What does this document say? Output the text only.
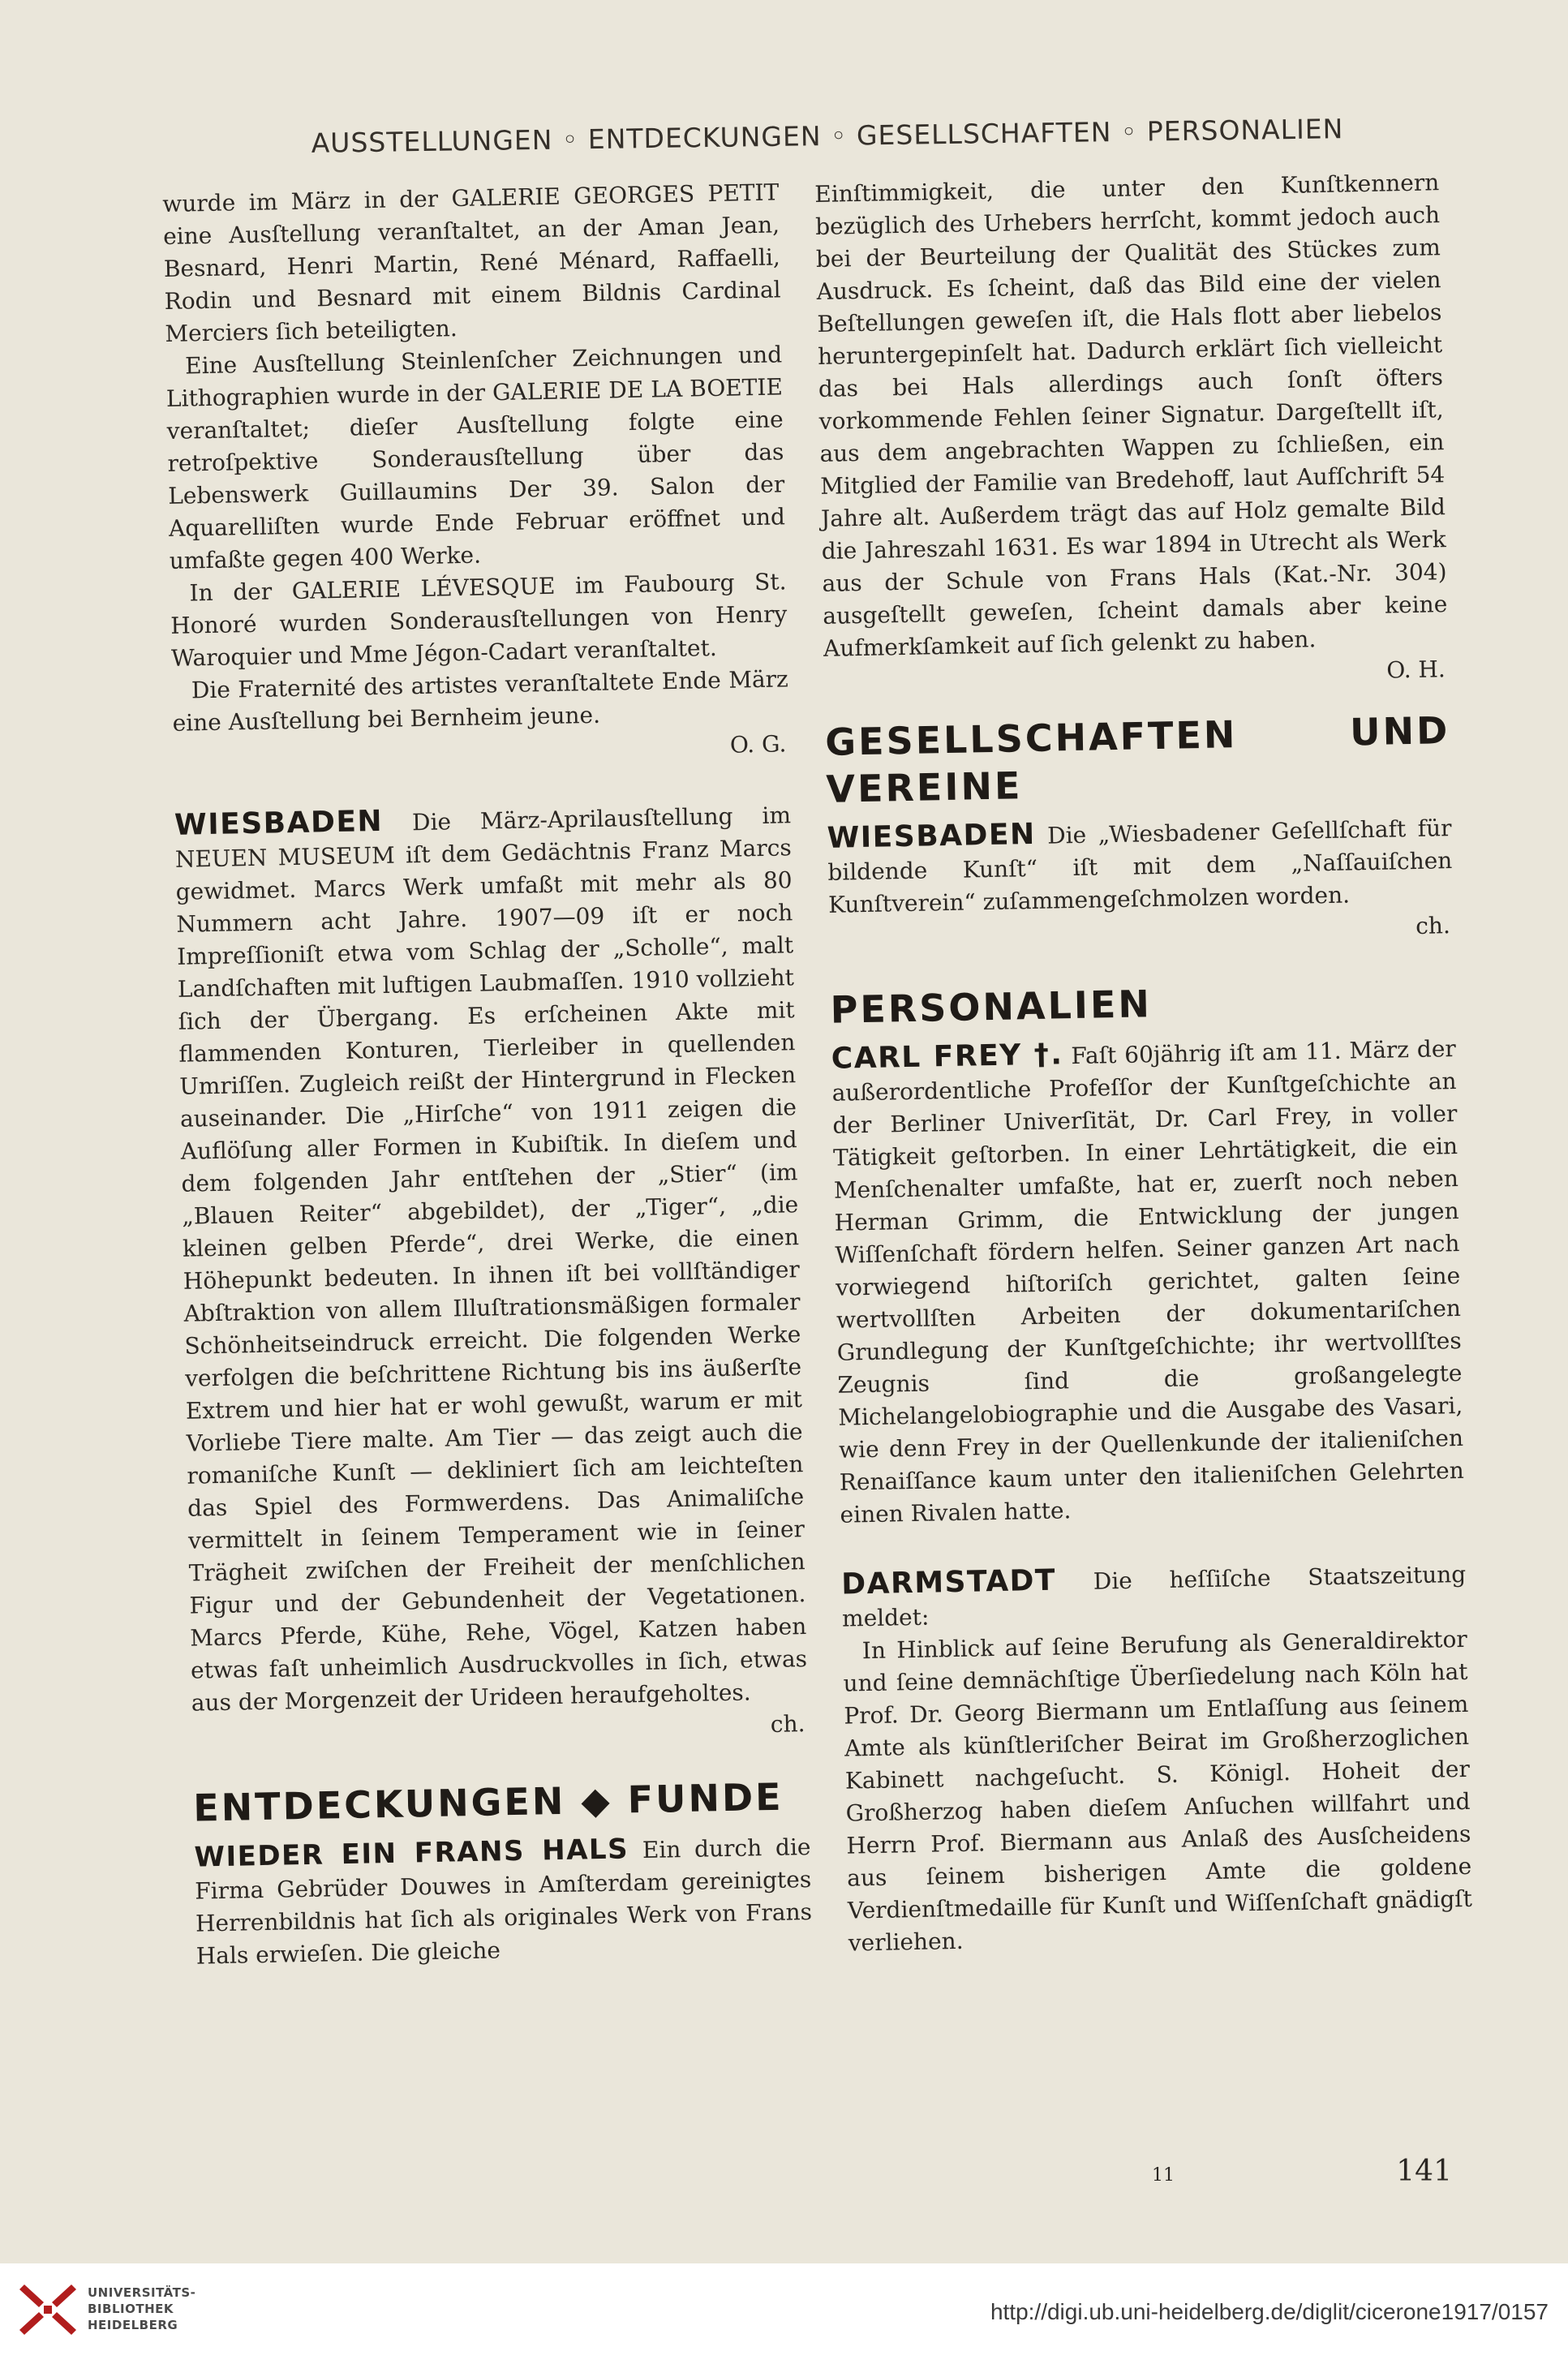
AUSSTELLUNGEN ◦ ENTDECKUNGEN ◦ GESELLSCHAFTEN ◦ PERSONALIEN

wurde im März in der GALERIE GEORGES PETIT eine Ausſtellung veranſtaltet, an der Aman Jean, Besnard, Henri Martin, René Ménard, Raffaelli, Rodin und Besnard mit einem Bildnis Cardinal Merciers ſich beteiligten.

Eine Ausſtellung Steinlenſcher Zeichnungen und Lithographien wurde in der GALERIE DE LA BOETIE veranſtaltet; dieſer Ausſtellung folgte eine retroſpektive Sonderausſtellung über das Lebenswerk Guillaumins Der 39. Salon der Aquarelliſten wurde Ende Februar eröffnet und umfaßte gegen 400 Werke.

In der GALERIE LÉVESQUE im Faubourg St. Honoré wurden Sonderausſtellungen von Henry Waroquier und Mme Jégon-Cadart veranſtaltet.

Die Fraternité des artistes veranſtaltete Ende März eine Ausſtellung bei Bernheim jeune.

O. G.

WIESBADEN Die März-Aprilausſtellung im NEUEN MUSEUM iſt dem Gedächtnis Franz Marcs gewidmet. Marcs Werk umfaßt mit mehr als 80 Nummern acht Jahre. 1907—09 iſt er noch Impreſſioniſt etwa vom Schlag der „Scholle“, malt Landſchaften mit luftigen Laubmaſſen. 1910 vollzieht ſich der Übergang. Es erſcheinen Akte mit flammenden Konturen, Tierleiber in quellenden Umriſſen. Zugleich reißt der Hintergrund in Flecken auseinander. Die „Hirſche“ von 1911 zeigen die Auflöſung aller Formen in Kubiſtik. In dieſem und dem folgenden Jahr entſtehen der „Stier“ (im „Blauen Reiter“ abgebildet), der „Tiger“, „die kleinen gelben Pferde“, drei Werke, die einen Höhepunkt bedeuten. In ihnen iſt bei vollſtändiger Abſtraktion von allem Illuſtrationsmäßigen formaler Schönheitseindruck erreicht. Die folgenden Werke verfolgen die beſchrittene Richtung bis ins äußerſte Extrem und hier hat er wohl gewußt, warum er mit Vorliebe Tiere malte. Am Tier — das zeigt auch die romaniſche Kunſt — dekliniert ſich am leichteſten das Spiel des Formwerdens. Das Animaliſche vermittelt in ſeinem Temperament wie in ſeiner Trägheit zwiſchen der Freiheit der menſchlichen Figur und der Gebundenheit der Vegetationen. Marcs Pferde, Kühe, Rehe, Vögel, Katzen haben etwas faſt unheimlich Ausdruckvolles in ſich, etwas aus der Morgenzeit der Urideen heraufgeholtes.

ch.

ENTDECKUNGEN ◆ FUNDE

WIEDER EIN FRANS HALS Ein durch die Firma Gebrüder Douwes in Amſterdam gereinigtes Herrenbildnis hat ſich als originales Werk von Frans Hals erwieſen. Die gleiche

Einſtimmigkeit, die unter den Kunſtkennern bezüglich des Urhebers herrſcht, kommt jedoch auch bei der Beurteilung der Qualität des Stückes zum Ausdruck. Es ſcheint, daß das Bild eine der vielen Beſtellungen geweſen iſt, die Hals flott aber liebelos heruntergepinſelt hat. Dadurch erklärt ſich vielleicht das bei Hals allerdings auch ſonſt öfters vorkommende Fehlen ſeiner Signatur. Dargeſtellt iſt, aus dem angebrachten Wappen zu ſchließen, ein Mitglied der Familie van Bredehoff, laut Aufſchrift 54 Jahre alt. Außerdem trägt das auf Holz gemalte Bild die Jahreszahl 1631. Es war 1894 in Utrecht als Werk aus der Schule von Frans Hals (Kat.-Nr. 304) ausgeſtellt geweſen, ſcheint damals aber keine Aufmerkſamkeit auf ſich gelenkt zu haben.

O. H.

GESELLSCHAFTEN UND VEREINE

WIESBADEN Die „Wiesbadener Geſellſchaft für bildende Kunſt“ iſt mit dem „Naſſauiſchen Kunſtverein“ zuſammengeſchmolzen worden.

ch.

PERSONALIEN

CARL FREY †. Faſt 60jährig iſt am 11. März der außerordentliche Profeſſor der Kunſtgeſchichte an der Berliner Univerſität, Dr. Carl Frey, in voller Tätigkeit geſtorben. In einer Lehrtätigkeit, die ein Menſchenalter umfaßte, hat er, zuerſt noch neben Herman Grimm, die Entwicklung der jungen Wiſſenſchaft fördern helfen. Seiner ganzen Art nach vorwiegend hiſtoriſch gerichtet, galten ſeine wertvollſten Arbeiten der dokumentariſchen Grundlegung der Kunſtgeſchichte; ihr wertvollſtes Zeugnis ſind die großangelegte Michelangelobiographie und die Ausgabe des Vasari, wie denn Frey in der Quellenkunde der italieniſchen Renaiſſance kaum unter den italieniſchen Gelehrten einen Rivalen hatte.

DARMSTADT Die heſſiſche Staatszeitung meldet:

In Hinblick auf ſeine Berufung als Generaldirektor und ſeine demnächſtige Überſiedelung nach Köln hat Prof. Dr. Georg Biermann um Entlaſſung aus ſeinem Amte als künſtleriſcher Beirat im Großherzoglichen Kabinett nachgeſucht. S. Königl. Hoheit der Großherzog haben dieſem Anſuchen willfahrt und Herrn Prof. Biermann aus Anlaß des Ausſcheidens aus ſeinem bisherigen Amte die goldene Verdienſtmedaille für Kunſt und Wiſſenſchaft gnädigſt verliehen.

11	141
UNIVERSITÄTS-
BIBLIOTHEK
HEIDELBERG
http://digi.ub.uni-heidelberg.de/diglit/cicerone1917/0157
